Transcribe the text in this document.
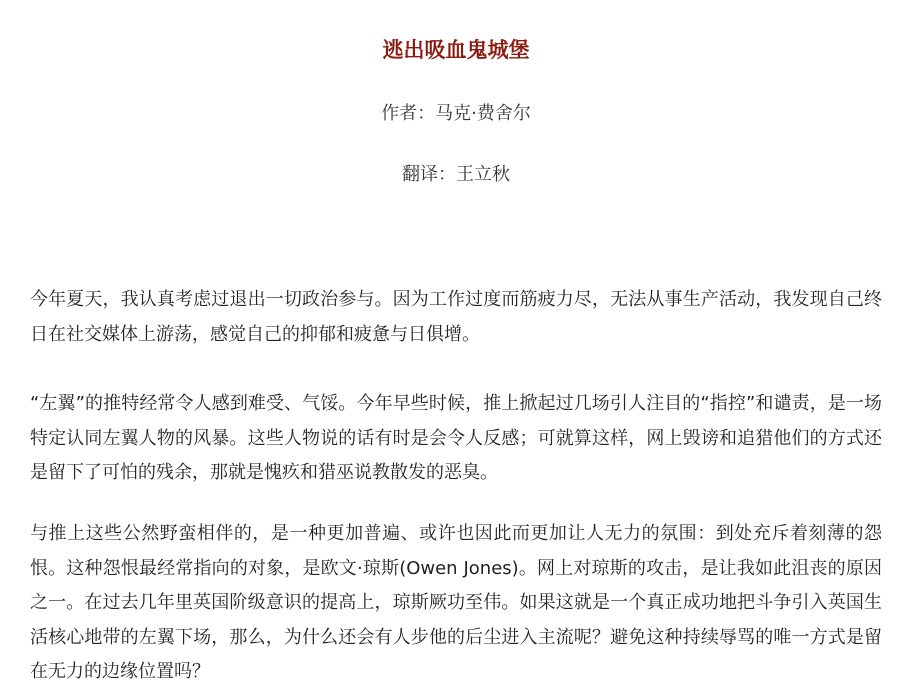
逃出吸血鬼城堡

作者：马克·费舍尔

翻译：王立秋

今年夏天，我认真考虑过退出一切政治参与。因为工作过度而筋疲力尽，无法从事生产活动，我发现自己终日在社交媒体上游荡，感觉自己的抑郁和疲惫与日俱增。

“左翼”的推特经常令人感到难受、气馁。今年早些时候，推上掀起过几场引人注目的“指控”和谴责，是一场特定认同左翼人物的风暴。这些人物说的话有时是会令人反感；可就算这样，网上毁谤和追猎他们的方式还是留下了可怕的残余，那就是愧疚和猎巫说教散发的恶臭。

与推上这些公然野蛮相伴的，是一种更加普遍、或许也因此而更加让人无力的氛围：到处充斥着刻薄的怨恨。这种怨恨最经常指向的对象，是欧文·琼斯(Owen Jones)。网上对琼斯的攻击，是让我如此沮丧的原因之一。在过去几年里英国阶级意识的提高上，琼斯厥功至伟。如果这就是一个真正成功地把斗争引入英国生活核心地带的左翼下场，那么，为什么还会有人步他的后尘进入主流呢？避免这种持续辱骂的唯一方式是留在无力的边缘位置吗？
